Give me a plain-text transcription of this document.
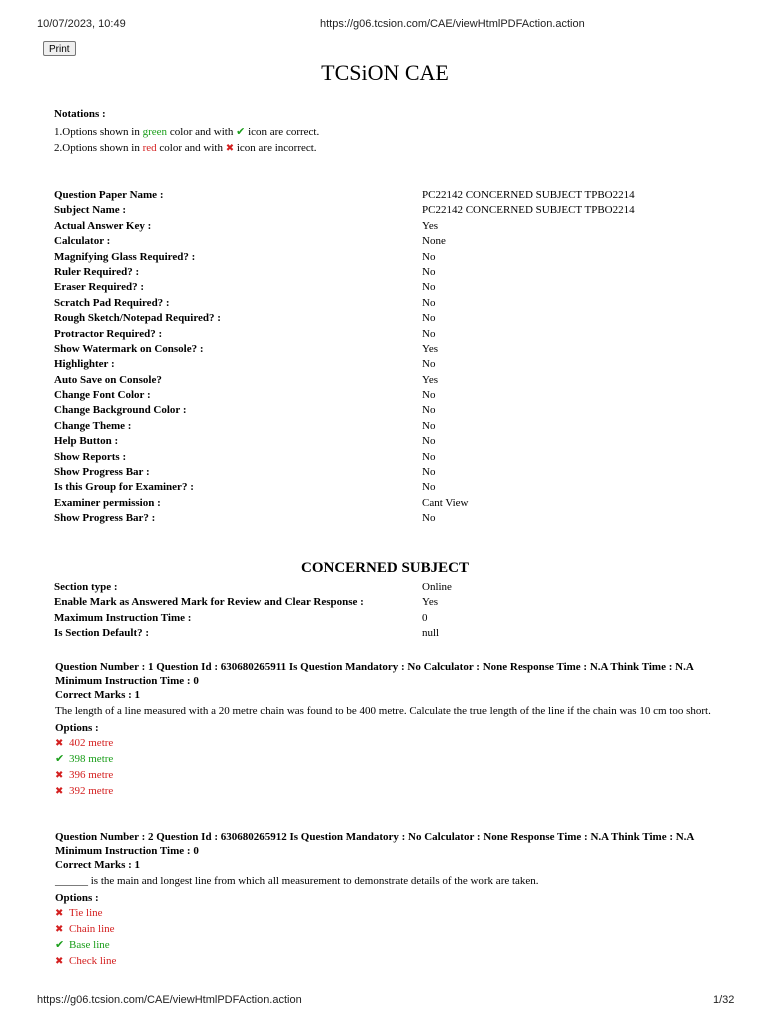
10/07/2023, 10:49	https://g06.tcsion.com/CAE/viewHtmlPDFAction.action
Print
TCSiON CAE
Notations :
1.Options shown in green color and with ✔ icon are correct.
2.Options shown in red color and with ✖ icon are incorrect.
Question Paper Name :	PC22142 CONCERNED SUBJECT TPBO2214
Subject Name :	PC22142 CONCERNED SUBJECT TPBO2214
Actual Answer Key :	Yes
Calculator :	None
Magnifying Glass Required? :	No
Ruler Required? :	No
Eraser Required? :	No
Scratch Pad Required? :	No
Rough Sketch/Notepad Required? :	No
Protractor Required? :	No
Show Watermark on Console? :	Yes
Highlighter :	No
Auto Save on Console?	Yes
Change Font Color :	No
Change Background Color :	No
Change Theme :	No
Help Button :	No
Show Reports :	No
Show Progress Bar :	No
Is this Group for Examiner? :	No
Examiner permission :	Cant View
Show Progress Bar? :	No
CONCERNED SUBJECT
Section type :	Online
Enable Mark as Answered Mark for Review and Clear Response :	Yes
Maximum Instruction Time :	0
Is Section Default? :	null
Question Number : 1 Question Id : 630680265911 Is Question Mandatory : No Calculator : None Response Time : N.A Think Time : N.A Minimum Instruction Time : 0
Correct Marks : 1
The length of a line measured with a 20 metre chain was found to be 400 metre. Calculate the true length of the line if the chain was 10 cm too short.
Options :
✖ 402 metre
✔ 398 metre
✖ 396 metre
✖ 392 metre
Question Number : 2 Question Id : 630680265912 Is Question Mandatory : No Calculator : None Response Time : N.A Think Time : N.A Minimum Instruction Time : 0
Correct Marks : 1
______ is the main and longest line from which all measurement to demonstrate details of the work are taken.
Options :
✖ Tie line
✖ Chain line
✔ Base line
✖ Check line
https://g06.tcsion.com/CAE/viewHtmlPDFAction.action	1/32
